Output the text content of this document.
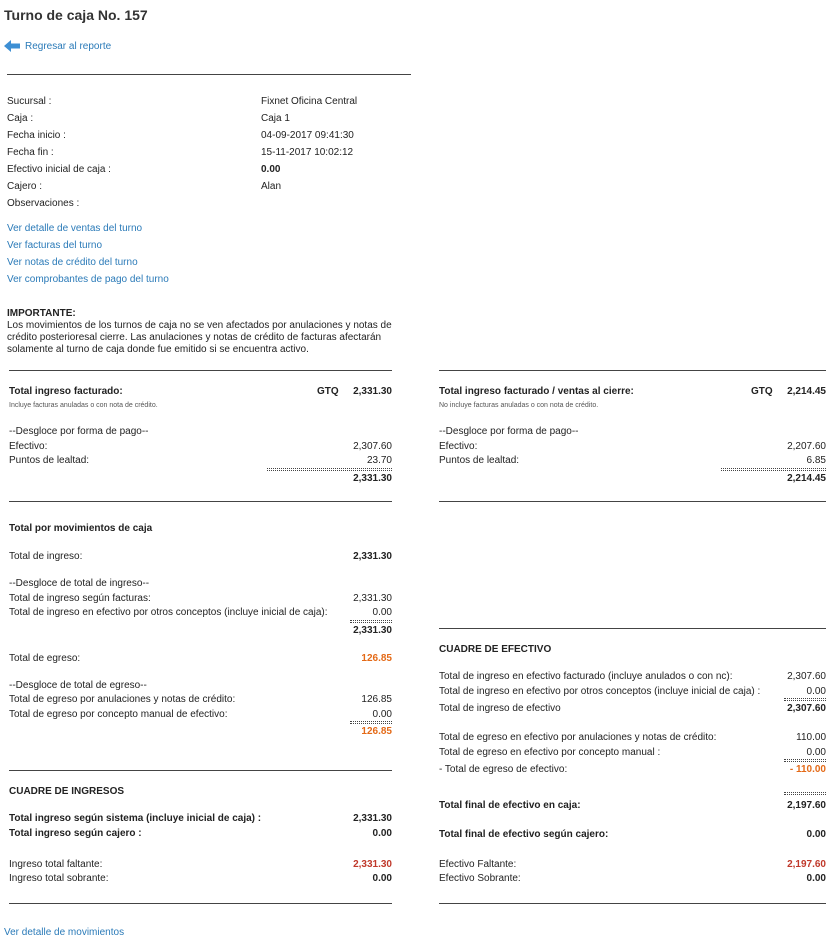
Turno de caja No. 157
Regresar al reporte
Sucursal :	Fixnet Oficina Central
Caja :	Caja 1
Fecha inicio :	04-09-2017 09:41:30
Fecha fin :	15-11-2017 10:02:12
Efectivo inicial de caja :	0.00
Cajero :	Alan
Observaciones :
Ver detalle de ventas del turno
Ver facturas del turno
Ver notas de crédito del turno
Ver comprobantes de pago del turno
IMPORTANTE:
Los movimientos de los turnos de caja no se ven afectados por anulaciones y notas de crédito posterioresal cierre. Las anulaciones y notas de crédito de facturas afectarán solamente al turno de caja donde fue emitido si se encuentra activo.
Total ingreso facturado:	GTQ	2,331.30
Incluye facturas anuladas o con nota de crédito.
--Desgloce por forma de pago--
Efectivo:	2,307.60
Puntos de lealtad:	23.70
2,331.30
Total ingreso facturado / ventas al cierre:	GTQ	2,214.45
No incluye facturas anuladas o con nota de crédito.
--Desgloce por forma de pago--
Efectivo:	2,207.60
Puntos de lealtad:	6.85
2,214.45
Total por movimientos de caja
Total de ingreso:	2,331.30
--Desgloce de total de ingreso--
Total de ingreso según facturas:	2,331.30
Total de ingreso en efectivo por otros conceptos (incluye inicial de caja):	0.00
2,331.30
Total de egreso:	126.85
--Desgloce de total de egreso--
Total de egreso por anulaciones y notas de crédito:	126.85
Total de egreso por concepto manual de efectivo:	0.00
126.85
CUADRE DE INGRESOS
Total ingreso según sistema (incluye inicial de caja) :	2,331.30
Total ingreso según cajero :	0.00
Ingreso total faltante:	2,331.30
Ingreso total sobrante:	0.00
CUADRE DE EFECTIVO
Total de ingreso en efectivo facturado (incluye anulados o con nc):	2,307.60
Total de ingreso en efectivo por otros conceptos (incluye inicial de caja) :	0.00
Total de ingreso de efectivo	2,307.60
Total de egreso en efectivo por anulaciones y notas de crédito:	110.00
Total de egreso en efectivo por concepto manual :	0.00
- Total de egreso de efectivo:	- 110.00
Total final de efectivo en caja:	2,197.60
Total final de efectivo según cajero:	0.00
Efectivo Faltante:	2,197.60
Efectivo Sobrante:	0.00
Ver detalle de movimientos
